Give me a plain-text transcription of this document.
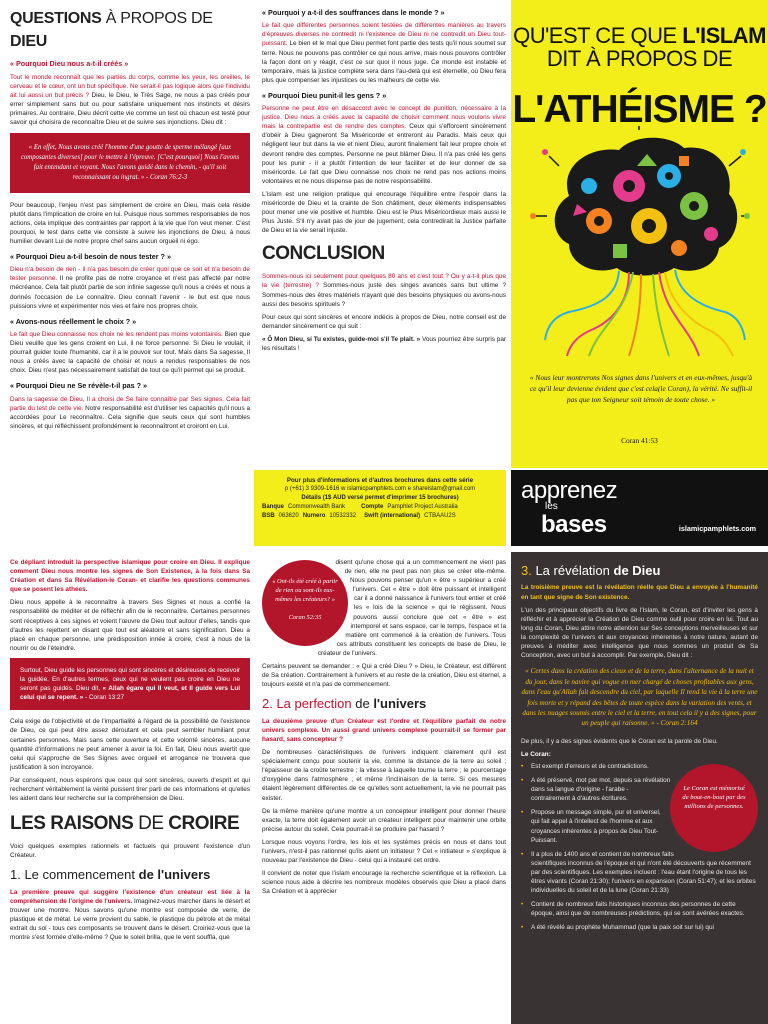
QUESTIONS À PROPOS DE DIEU
« Pourquoi Dieu nous a-t-il créés »

Tout le monde reconnaît que les parties du corps, comme les yeux, les oreilles, le cerveau et le cœur, ont un but spécifique. Ne serait-il pas logique alors que l'individu ait lui aussi un but précis ? Dieu, le Dieu, le Très Sage, ne nous a pas créés pour errer simplement sans but ou pour satisfaire uniquement nos instincts et désirs primaires. Au contraire, Dieu décrit cette vie comme un test où chacun est testé pour savoir qui choisira de reconnaître Dieu et de suivre ses injonctions. Dieu dit :

« En effet, Nous avons créé l'homme d'une goutte de sperme mélangé [aux composantes diverses] pour le mettre à l'épreuve. [C'est pourquoi] Nous l'avons fait entendant et voyant. Nous l'avons guidé dans le chemin, - qu'il soit reconnaissant ou ingrat. » - Coran 76:2-3

Pour beaucoup, l'enjeu n'est pas simplement de croire en Dieu, mais cela réside plutôt dans l'implication de croire en lui. Puisque nous sommes responsables de nos actions, cela implique des contraintes par rapport à la vie que l'on veut mener. C'est pourquoi, le test dans cette vie consiste à suivre les injonctions de Dieu, à nous humilier devant Lui de notre propre chef sans aucun orgueil ni égo.

« Pourquoi Dieu a-t-il besoin de nous tester ? »

Dieu n'a besoin de rien - il n'a pas besoin de créer quoi que ce soit et n'a besoin de tester personne. Il ne profite pas de notre croyance et n'est pas affecté par notre mécréance. Cela fait plutôt partie de son infinie sagesse qu'il nous a créés et nous a donnés l'occasion de Le connaître. Dieu connaît l'avenir - le but est que nous puissions vivre et expérimenter nos vies et faire nos propres choix.

« Avons-nous réellement le choix ? »

Le fait que Dieu connaisse nos choix ne les rendent pas moins volontaires. Bien que Dieu veuille que les gens croient en Lui, il ne force personne. Si Dieu le voulait, il pourrait guider toute l'humanité, car il a le pouvoir sur tout. Mais dans Sa sagesse, Il nous a créés avec la capacité de choisir et nous a rendus responsables de nos choix. Dieu n'est pas nécessairement satisfait de tout ce qu'il permet qui se produit.

« Pourquoi Dieu ne Se révèle-t-il pas ? »

Dans la sagesse de Dieu, Il a choisi de Se faire connaître par Ses signes. Cela fait partie du test de cette vie. Notre responsabilité est d'utiliser les capacités qu'il nous a accordées pour Le reconnaître. Cela signifie que seuls ceux qui sont humbles sincères, et qui réfléchissent profondément le reconnaîtront et croiront en Lui.

« Pourquoi y a-t-il des souffrances dans le monde ? »

Le fait que différentes personnes soient testées de différentes manières au travers d'épreuves diverses ne contredit ni l'existence de Dieu ni ne contredit un Dieu tout-puissant. Le bien et le mal que Dieu permet font partie des tests qu'il nous soumet sur terre. Nous ne pouvons pas contrôler ce qui nous arrive, mais nous pouvons contrôler la façon dont on y réagit, c'est ce sur quoi il nous juge. Ce monde est instable et temporaire, mais la justice complète sera dans l'au-delà qui est éternelle, où Dieu fera plus que compenser les injustices ou les malheurs de cette vie.

« Pourquoi Dieu punit-il les gens ? »

Personne ne peut être en désaccord avec le concept de punition, nécessaire à la justice. Dieu nous a créés avec la capacité de choisir comment nous voulons vivre mais la contrepartie est de rendre des comptes. Ceux qui s'efforcent sincèrement d'obéir à Dieu gagneront Sa Miséricorde et entreront au Paradis. Mais ceux qui négligent leur but dans la vie et nient Dieu, auront finalement fait leur propre choix et devront rendre des comptes. Personne ne peut blâmer Dieu. Il n'a pas créé les gens pour les punir - il a plutôt l'intention de leur faciliter et de leur donner de sa miséricorde. Le fait que Dieu connaisse nos choix ne rend pas nos actions moins volontaires et ne nous dispense pas de notre responsabilité.

L'islam est une religion pratique qui encourage l'équilibre entre l'espoir dans la miséricorde de Dieu et la crainte de Son châtiment, deux éléments indispensables pour mener une vie positive et humble. Dieu est le Plus Miséricordieux mais aussi le Plus Juste. S'il n'y avait pas de jour de jugement, cela contredirait la Justice parfaite de Dieu et la vie serait injuste.

CONCLUSION

Sommes-nous ici seulement pour quelques 80 ans et c'est tout ? Ou y a-t-il plus que la vie (terrestre) ? Sommes-nous juste des singes avancés sans but ultime ? Sommes-nous des êtres matériels n'ayant que des besoins physiques ou avons-nous aussi des besoins spirituels ?

Pour ceux qui sont sincères et encore indécis à propos de Dieu, notre conseil est de demander sincèrement ce qui suit :

« Ô Mon Dieu, si Tu existes, guide-moi s'il Te plaît. » Vous pourriez être surpris par les résultats !

QU'EST CE QUE L'ISLAM
DIT À PROPOS DE
L'ATHÉISME ?
« Nous leur montrerons Nos signes dans l'univers et en eux-mêmes, jusqu'à ce qu'il leur devienne évident que c'est cela(le Coran), la vérité. Ne suffit-il pas que ton Seigneur soit témoin de toute chose. »
Coran 41:53
Pour plus d'informations et d'autres brochures dans cette série
p (+61) 3 9309-1616 w islamicpamphlets.com e shareislam@gmail.com
Détails (1$ AUD versé permet d'imprimer 15 brochures)
Banque Commonwealth Bank	Compte Pamphlet Project Australia
BSB 063620 Numero 10532332 Swift (international) CTBAAU2S
apprenez
les
bases	islamicpamphlets.com

Ce dépliant introduit la perspective islamique pour croire en Dieu. Il explique comment Dieu nous montre les signes de Son Existence, à la fois dans Sa Création et dans Sa Révélation-le Coran- et clarifie les questions communes que se posent les athées.

Dieu nous appelle à le reconnaître à travers Ses Signes et nous a confié la responsabilité de méditer et de réfléchir afin de le reconnaître. Certaines personnes sont réceptives à ces signes et voient l'œuvre de Dieu tout autour d'elles, tandis que d'autres les rejettent en disant que tout est aléatoire et sans signification. Dieu a placé en chaque personne, une prédisposition innée à croire, c'est à nous de la nourrir ou de l'éteindre.

Surtout, Dieu guide les personnes qui sont sincères et désireuses de recevoir la guidée. En d'autres termes, ceux qui ne veulent pas croire en Dieu ne seront pas guidés. Dieu dit, « Allah égare qui Il veut, et Il guide vers Lui celui qui se repent. » - Coran 13:27

Cela exige de l'objectivité et de l'impartialité à l'égard de la possibilité de l'existence de Dieu, ce qui peut être assez déroutant et cela peut sembler humiliant pour certaines personnes. Mais sans cette ouverture et cette volonté sincères, aucune quantité d'informations ne peut amener à avoir la foi. En fait, Dieu nous avertit que celui qui s'approche de Ses Signes avec orgueil et arrogance ne trouvera que justification à son incroyance.

Par conséquent, nous espérons que ceux qui sont sincères, ouverts d'esprit et qui recherchent véritablement la vérité puissent tirer parti de ces informations et qu'elles les aident dans leur recherche sur la compréhension de Dieu.

LES RAISONS DE CROIRE

Voici quelques exemples rationnels et factuels qui prouvent l'existence d'un Créateur.

1. Le commencement de l'univers

La première preuve qui suggère l'existence d'un créateur est liée à la compréhension de l'origine de l'univers. Imaginez-vous marcher dans le désert et trouver une montre. Nous savons qu'une montre est composée de verre, de plastique et de métal. Le verre provient du sable, le plastique du pétrole et de métal extrait du sol - tous ces composants se trouvent dans le désert. Croiriez-vous que la montre s'est formée d'elle-même ? Que le soleil brilla, que le vent souffla, que

« Ont-ils été créé à partir de rien ou sont-ils eux-mêmes les créateurs? »

Coran 52:35

disent qu'une chose qui a un commencement ne vient pas de rien, elle ne peut pas non plus se créer elle-même. Nous pouvons penser qu'un « être » supérieur a créé l'univers. Cet « être » doit être puissant et intelligent car il a donné naissance à l'univers tout entier et créé les « lois de la science » qui le régissent. Nous pouvons aussi conclure que cet « être » est intemporel et sans espace, car le temps, l'espace et la matière ont commencé à la création de l'univers. Tous ces attributs constituent les concepts de base de Dieu, le créateur de l'univers.

Certains peuvent se demander : « Qui a créé Dieu ? » Dieu, le Créateur, est différent de Sa création. Contrairement à l'univers et au reste de la création, Dieu est éternel, a toujours existé et n'a pas de commencement.

2. La perfection de l'univers

La deuxième preuve d'un Créateur est l'ordre et l'équilibre parfait de notre univers complexe. Un aussi grand univers complexe pourrait-il se former par hasard, sans concepteur ?

De nombreuses caractéristiques de l'univers indiquent clairement qu'il est spécialement conçu pour soutenir la vie, comme la distance de la terre au soleil ; l'épaisseur de la croûte terrestre ; la vitesse à laquelle tourne la terre ; le pourcentage d'oxygène dans l'atmosphère ; et même l'inclinaison de la terre. Si ces mesures étaient légèrement différentes de ce qu'elles sont actuellement, la vie ne pourrait pas exister.

De la même manière qu'une montre a un concepteur intelligent pour donner l'heure exacte, la terre doit également avoir un créateur intelligent pour maintenir une orbite précise autour du soleil. Cela pourrait-il se produire par hasard ?

Lorsque nous voyons l'ordre, les lois et les systèmes précis en nous et dans tout l'univers, n'est-il pas rationnel qu'ils aient un initiateur ? Cet « initiateur » s'explique à nouveau par l'existence de Dieu - celui qui a instauré cet ordre.

Il convient de noter que l'islam encourage la recherche scientifique et la réflexion. La science nous aide à décrire les nombreux modèles observés que Dieu a placé dans Sa Création et à apprécier

3. La révélation de Dieu

La troisième preuve est la révélation réelle que Dieu a envoyée à l'humanité en tant que signe de Son existence.

L'un des principaux objectifs du livre de l'Islam, le Coran, est d'inviter les gens à réfléchir et à apprécier la Création de Dieu comme outil pour croire en lui. Tout au long du Coran, Dieu attire notre attention sur Ses conceptions merveilleuses et sur la complexité de l'univers et aux croyances inhérentes à notre nature, autant de preuves à méditer avec intelligence que nous sommes un produit de Sa Conception, avec un but à accomplir. Par exemple, Dieu dit :

« Certes dans la création des cieux et de la terre, dans l'alternance de la nuit et du jour, dans le navire qui vogue en mer chargé de choses profitables aux gens, dans l'eau qu'Allah fait descendre du ciel, par laquelle Il rend la vie à la terre une fois morte et y répand des bêtes de toute espèce dans la variation des vents, et dans les nuages soumis entre le ciel et la terre, en tout cela il y a des signes, pour un peuple qui raisonne. » - Coran 2:164

De plus, il y a des signes évidents que le Coran est la parole de Dieu.

Le Coran:
Le Coran est mémorisé de bout-en-bout par des millions de personnes.
• Est exempt d'erreurs et de contradictions.
• A été préservé, mot par mot, depuis sa révélation dans sa langue d'origine - l'arabe - contrairement à d'autres écritures.
• Propose un message simple, pur et universel, qui fait appel à l'intellect de l'homme et aux croyances inhérentes à propos de Dieu Tout-Puissant.
• Il a plus de 1400 ans et contient de nombreux faits scientifiques inconnus de l'époque et qui n'ont été découverts que récemment par des scientifiques. Les exemples incluent : l'eau étant l'origine de tous les êtres vivants (Coran 21:30); l'univers en expansion (Coran 51:47); et les orbites individuelles du soleil et de la lune (Coran 21:33)
• Contient de nombreux faits historiques inconnus des personnes de cette époque, ainsi que de nombreuses prédictions, qui se sont avérées exactes.
• A été révélé au prophète Muhammad (que la paix soit sur lui) qui
